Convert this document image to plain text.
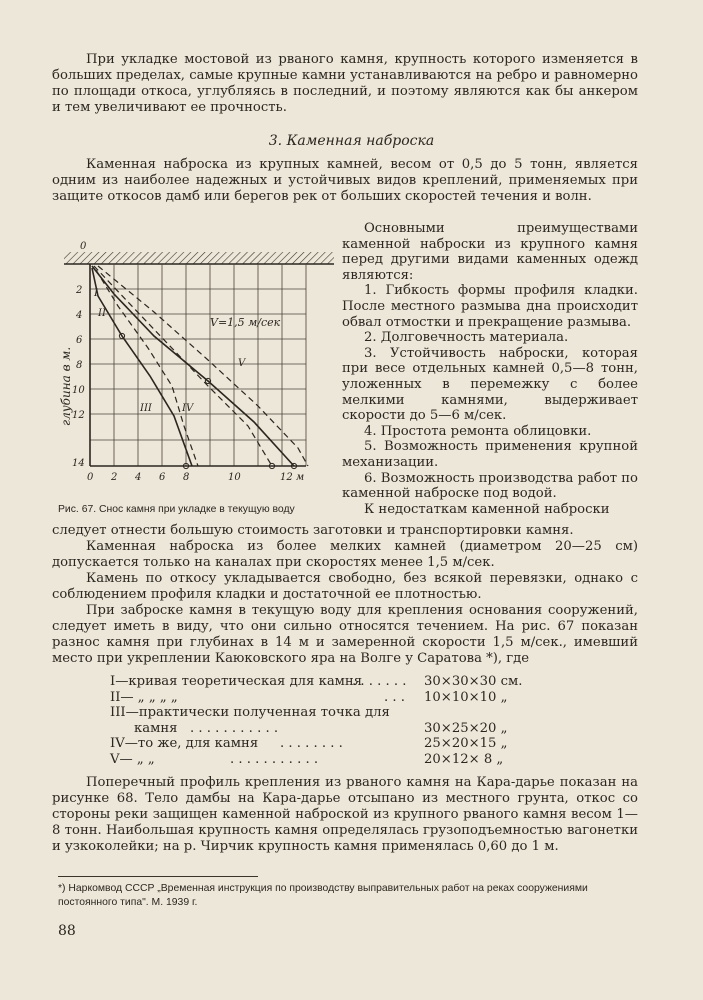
При укладке мостовой из рваного камня, крупность которого изменяется в больших пределах, самые крупные камни устанавливаются на ребро и равномерно по площади откоса, углубляясь в последний, и поэтому являются как бы анкером и тем увеличивают ее прочность.
3. Каменная наброска
Каменная наброска из крупных камней, весом от 0,5 до 5 тонн, является одним из наиболее надежных и устойчивых видов креплений, применяемых при защите откосов дамб или берегов рек от больших скоростей течения и волн.
Основными преимуществами каменной наброски из крупного камня перед другими видами каменных одежд являются:
1. Гибкость формы профиля кладки. После местного размыва дна происходит обвал отмостки и прекращение размыва.
2. Долговечность материала.
3. Устойчивость наброски, которая при весе отдельных камней 0,5—8 тонн, уложенных в перемежку с более мелкими камнями, выдерживает скорости до 5—6 м/сек.
4. Простота ремонта облицовки.
5. Возможность применения крупной механизации.
6. Возможность производства работ по каменной наброске под водой.
К недостаткам каменной наброски
V=1,5 м/сек
глубина в м.
0
2
4
6
8
10
12
14
0 2 4 6 8	10	12 м
I
II
III	IV
V
Рис. 67. Снос камня при укладке в текущую воду
следует отнести большую стоимость заготовки и транспортировки камня.
Каменная наброска из более мелких камней (диаметром 20—25 см) допускается только на каналах при скоростях менее 1,5 м/сек.
Камень по откосу укладывается свободно, без всякой перевязки, однако с соблюдением профиля кладки и достаточной ее плотностью.
При заброске камня в текущую воду для крепления основания сооружений, следует иметь в виду, что они сильно относятся течением. На рис. 67 показан разнос камня при глубинах в 14 м и замеренной скорости 1,5 м/сек., имевший место при укреплении Каюковского яра на Волге у Саратова *), где
I—кривая теоретическая для камня
. . . . . . . 30×30×30 см.
II— „ „ „ „	. . . 10×10×10 „
III—практически полученная точка для
камня . . . . . . . . . . .	30×25×20 „
IV—то же, для камня . . . . . . . .	25×20×15 „
V— „ „	. . . . . . . . . . .	20×12× 8 „
Поперечный профиль крепления из рваного камня на Кара-дарье показан на рисунке 68. Тело дамбы на Кара-дарье отсыпано из местного грунта, откос со стороны реки защищен каменной наброской из крупного рваного камня весом 1—8 тонн. Наибольшая крупность камня определялась грузоподъемностью вагонетки и узкоколейки; на р. Чирчик крупность камня применялась 0,60 до 1 м.
*) Наркомвод СССР „Временная инструкция по производству выправительных работ на реках сооружениями постоянного типа". М. 1939 г.
88
